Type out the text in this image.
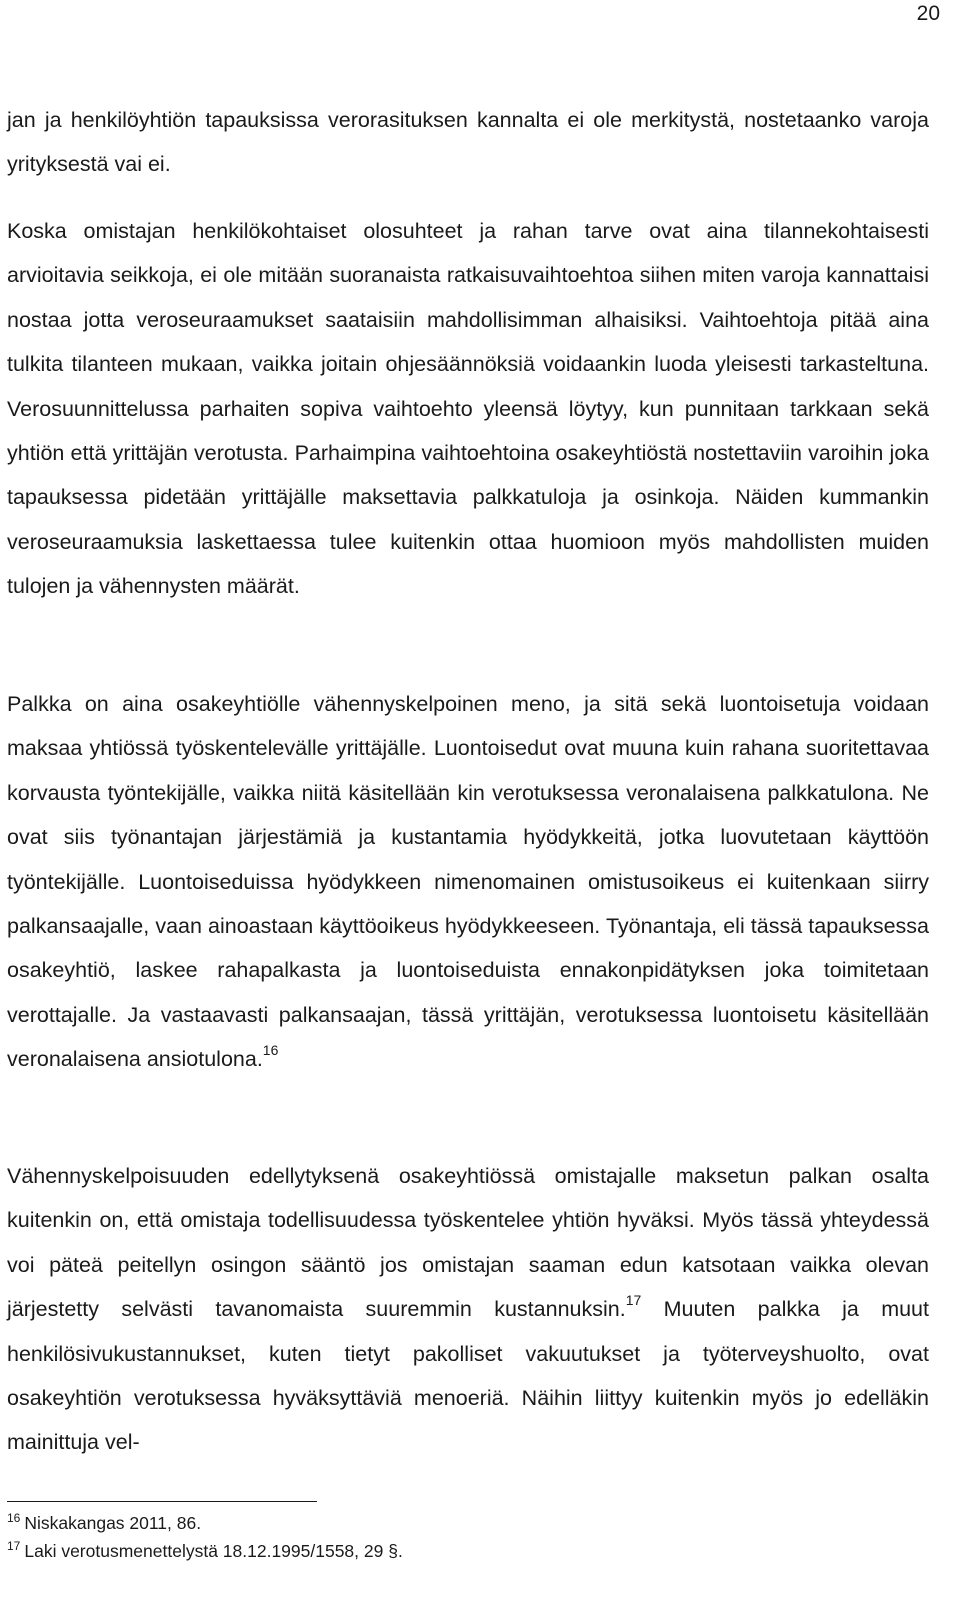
20

jan ja henkilöyhtiön tapauksissa verorasituksen kannalta ei ole merkitystä, nostetaanko varoja yrityksestä vai ei.

Koska omistajan henkilökohtaiset olosuhteet ja rahan tarve ovat aina tilannekohtaisesti arvioitavia seikkoja, ei ole mitään suoranaista ratkaisuvaihtoehtoa siihen miten varoja kannattaisi nostaa jotta veroseuraamukset saataisiin mahdollisimman alhaisiksi. Vaihtoehtoja pitää aina tulkita tilanteen mukaan, vaikka joitain ohjesäännöksiä voidaankin luoda yleisesti tarkasteltuna. Verosuunnittelussa parhaiten sopiva vaihtoehto yleensä löytyy, kun punnitaan tarkkaan sekä yhtiön että yrittäjän verotusta. Parhaimpina vaihtoehtoina osakeyhtiöstä nostettaviin varoihin joka tapauksessa pidetään yrittäjälle maksettavia palkkatuloja ja osinkoja. Näiden kummankin veroseuraamuksia laskettaessa tulee kuitenkin ottaa huomioon myös mahdollisten muiden tulojen ja vähennysten määrät.

Palkka on aina osakeyhtiölle vähennyskelpoinen meno, ja sitä sekä luontoisetuja voidaan maksaa yhtiössä työskentelevälle yrittäjälle. Luontoisedut ovat muuna kuin rahana suoritettavaa korvausta työntekijälle, vaikka niitä käsitellään kin verotuksessa veronalaisena palkkatulona. Ne ovat siis työnantajan järjestämiä ja kustantamia hyödykkeitä, jotka luovutetaan käyttöön työntekijälle. Luontoiseduissa hyödykkeen nimenomainen omistusoikeus ei kuitenkaan siirry palkansaajalle, vaan ainoastaan käyttöoikeus hyödykkeeseen. Työnantaja, eli tässä tapauksessa osakeyhtiö, laskee rahapalkasta ja luontoiseduista ennakonpidätyksen joka toimitetaan verottajalle. Ja vastaavasti palkansaajan, tässä yrittäjän, verotuksessa luontoisetu käsitellään veronalaisena ansiotulona.$^{16}$

Vähennyskelpoisuuden edellytyksenä osakeyhtiössä omistajalle maksetun palkan osalta kuitenkin on, että omistaja todellisuudessa työskentelee yhtiön hyväksi. Myös tässä yhteydessä voi päteä peitellyn osingon sääntö jos omistajan saaman edun katsotaan vaikka olevan järjestetty selvästi tavanomaista suuremmin kustannuksin.$^{17}$ Muuten palkka ja muut henkilösivukustannukset, kuten tietyt pakolliset vakuutukset ja työterveyshuolto, ovat osakeyhtiön verotuksessa hyväksyttäviä menoeriä. Näihin liittyy kuitenkin myös jo edelläkin mainittuja vel-

$^{16}$ Niskakangas 2011, 86.

$^{17}$ Laki verotusmenettelystä 18.12.1995/1558, 29 §.
